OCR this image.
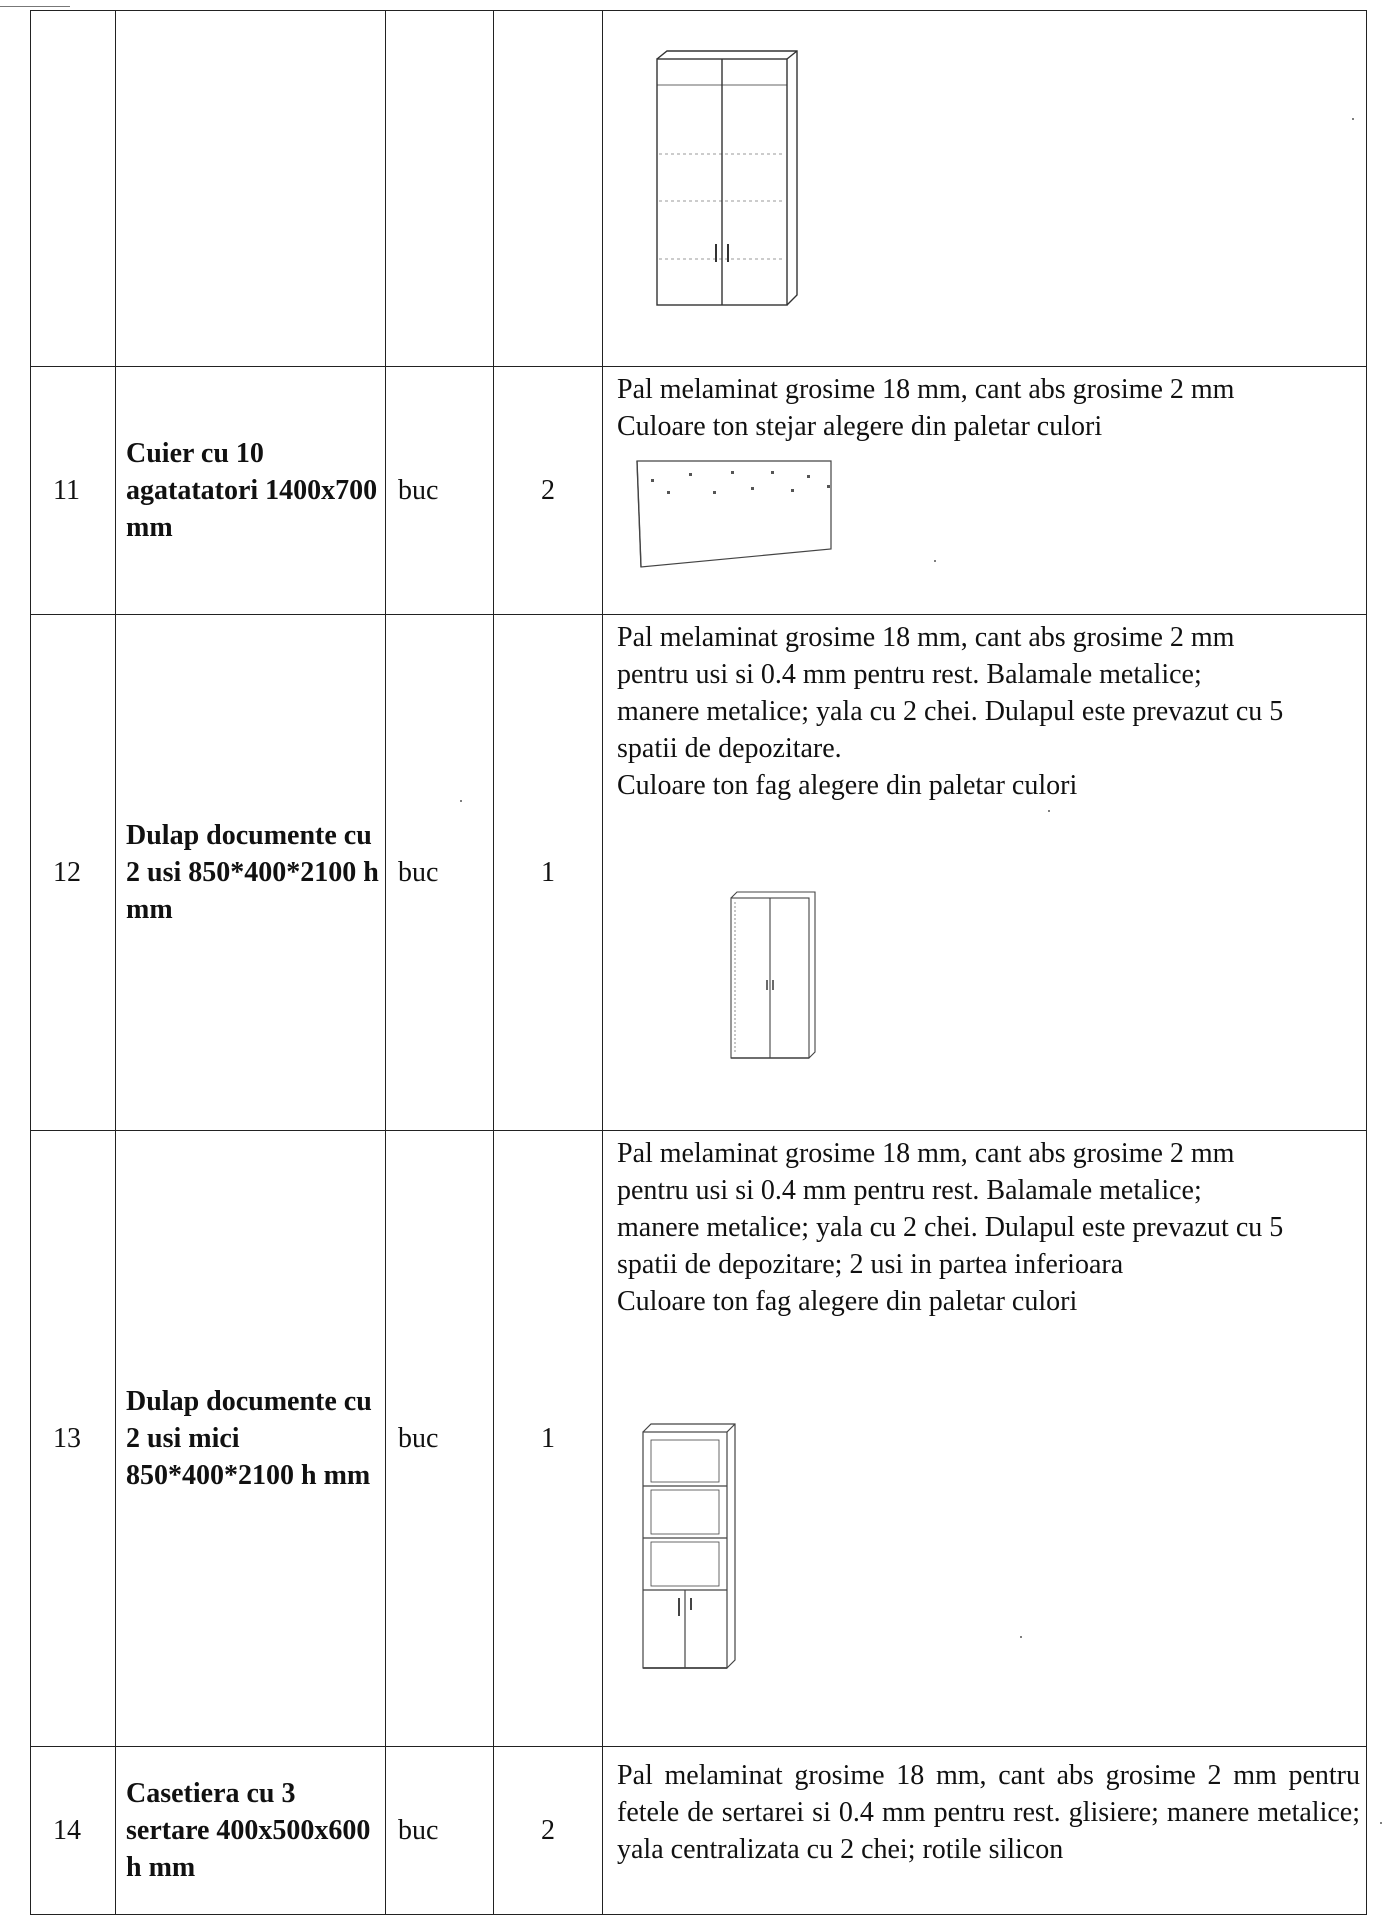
11	Cuier cu 10 agatatatori 1400x700 mm	buc	2	Pal melaminat grosime 18 mm, cant abs grosime 2 mm
Culoare ton stejar alegere din paletar culori

12	Dulap documente cu 2 usi 850*400*2100 h mm	buc	1	Pal melaminat grosime 18 mm, cant abs grosime 2 mm
pentru usi si 0.4 mm pentru rest. Balamale metalice;
manere metalice; yala cu 2 chei. Dulapul este prevazut cu 5
spatii de depozitare.
Culoare ton fag alegere din paletar culori

13	Dulap documente cu 2 usi mici 850*400*2100 h mm	buc	1	Pal melaminat grosime 18 mm, cant abs grosime 2 mm
pentru usi si 0.4 mm pentru rest. Balamale metalice;
manere metalice; yala cu 2 chei. Dulapul este prevazut cu 5
spatii de depozitare; 2 usi in partea inferioara
Culoare ton fag alegere din paletar culori

14	Casetiera cu 3 sertare 400x500x600 h mm	buc	2	Pal melaminat grosime 18 mm, cant abs grosime 2 mm pentru fetele de sertarei si 0.4 mm pentru rest. glisiere; manere metalice; yala centralizata cu 2 chei; rotile silicon
